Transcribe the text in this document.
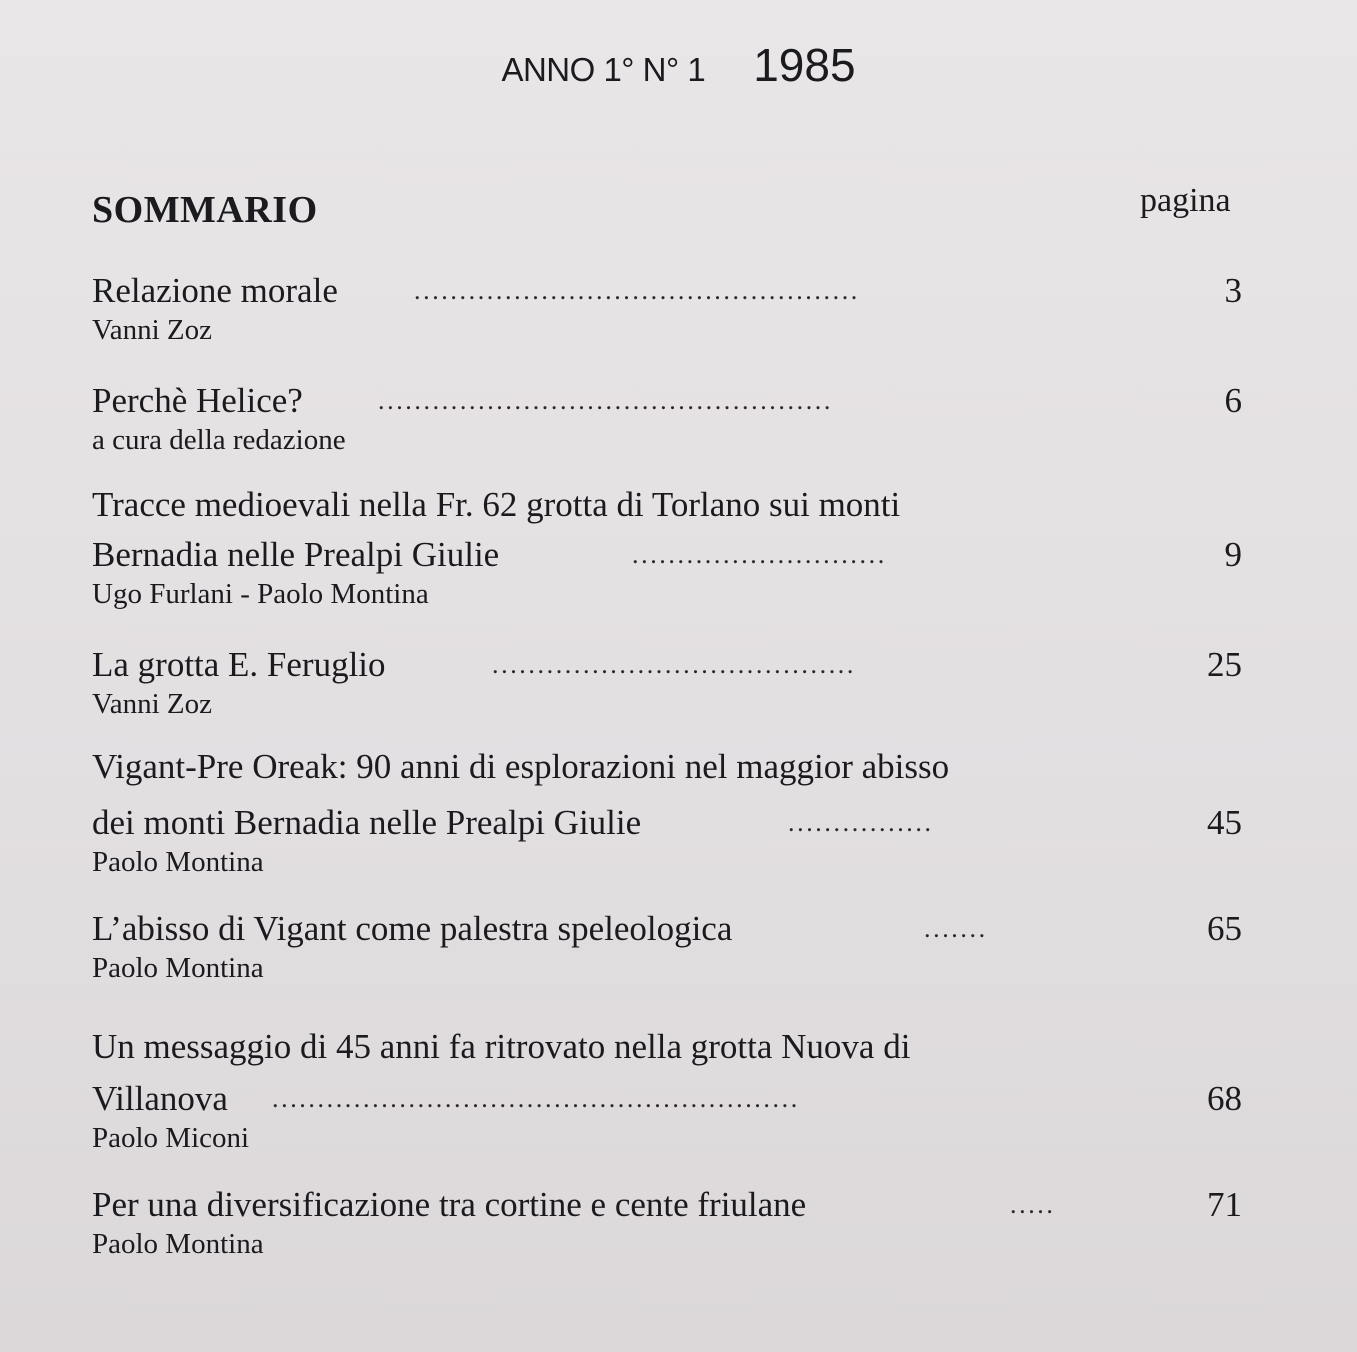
ANNO 1° N° 1 1985
SOMMARIO	pagina
Relazione morale	.................................................	3
Vanni Zoz
Perchè Helice?	..................................................	6
a cura della redazione
Tracce medioevali nella Fr. 62 grotta di Torlano sui monti
Bernadia nelle Prealpi Giulie	............................	9
Ugo Furlani - Paolo Montina
La grotta E. Feruglio	........................................	25
Vanni Zoz
Vigant-Pre Oreak: 90 anni di esplorazioni nel maggior abisso
dei monti Bernadia nelle Prealpi Giulie	................	45
Paolo Montina
L’abisso di Vigant come palestra speleologica	.......	65
Paolo Montina
Un messaggio di 45 anni fa ritrovato nella grotta Nuova di
Villanova ..........................................................	68
Paolo Miconi
Per una diversificazione tra cortine e cente friulane	.....	71
Paolo Montina
